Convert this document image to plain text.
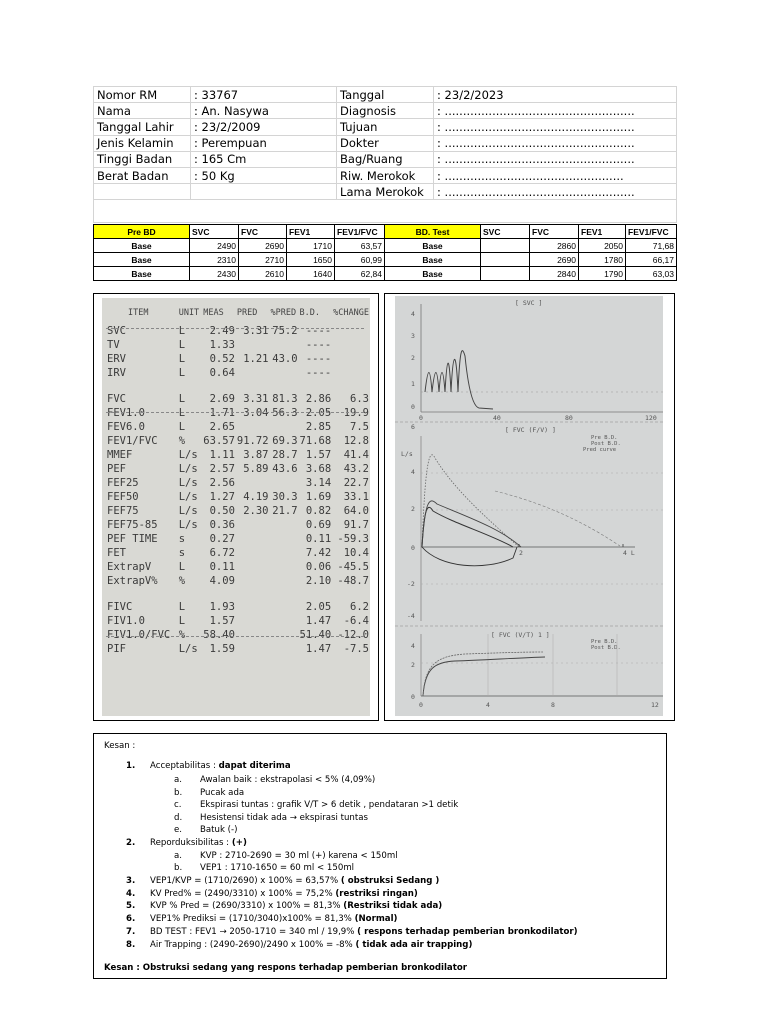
Nomor RM	: 33767	Tanggal	: 23/2/2023
Nama	: An. Nasywa	Diagnosis	: ....................................................
Tanggal Lahir	: 23/2/2009	Tujuan	: ....................................................
Jenis Kelamin	: Perempuan	Dokter	: ....................................................
Tinggi Badan	: 165 Cm	Bag/Ruang	: ....................................................
Berat Badan	: 50 Kg	Riw. Merokok	: .................................................
		Lama Merokok	: ....................................................

Pre BD	SVC	FVC	FEV1	FEV1/FVC	BD. Test	SVC	FVC	FEV1	FEV1/FVC
Base	2490	2690	1710	63,57	Base		2860	2050	71,68
Base	2310	2710	1650	60,99	Base		2690	1780	66,17
Base	2430	2610	1640	62,84	Base		2840	1790	63,03
ITEM	UNIT	MEAS	PRED	%PRED	B.D.	%CHANGE
SVC	L	2.49	3.31	75.2	----	
TV	L	1.33			----	
ERV	L	0.52	1.21	43.0	----	
IRV	L	0.64			----	

FVC	L	2.69	3.31	81.3	2.86	6.3
FEV1.0	L	1.71	3.04	56.3	2.05	19.9
FEV6.0	L	2.65			2.85	7.5
FEV1/FVC	%	63.57	91.72	69.3	71.68	12.8
MMEF	L/s	1.11	3.87	28.7	1.57	41.4
PEF	L/s	2.57	5.89	43.6	3.68	43.2
FEF25	L/s	2.56			3.14	22.7
FEF50	L/s	1.27	4.19	30.3	1.69	33.1
FEF75	L/s	0.50	2.30	21.7	0.82	64.0
FEF75-85	L/s	0.36			0.69	91.7
PEF TIME	s	0.27			0.11	-59.3
FET	s	6.72			7.42	10.4
ExtrapV	L	0.11			0.06	-45.5
ExtrapV%	%	4.09			2.10	-48.7

FIVC	L	1.93			2.05	6.2
FIV1.0	L	1.57			1.47	-6.4
FIV1.0/FVC	%	58.40			51.40	-12.0
PIF	L/s	1.59			1.47	-7.5
[ SVC ]
4
3
2
1
0
0	40	80	120
[ FVC (F/V) ]
L/s
6
4
2
0
-2
-4
2	4 L
Pre B.D.
Post B.D.
Pred curve
[ FVC (V/T) 1 ]
Pre B.D.
Post B.D.
4
2
0
0	4	8	12
Kesan :
1. Acceptabilitas : dapat diterima
a. Awalan baik : ekstrapolasi < 5% (4,09%)
b. Pucak ada
c. Ekspirasi tuntas : grafik V/T > 6 detik , pendataran >1 detik
d. Hesistensi tidak ada → ekspirasi tuntas
e. Batuk (-)
2. Reporduksibilitas : (+)
a. KVP : 2710-2690 = 30 ml (+) karena < 150ml
b. VEP1 : 1710-1650 = 60 ml < 150ml
3. VEP1/KVP = (1710/2690) x 100% = 63,57% ( obstruksi Sedang )
4. KV Pred% = (2490/3310) x 100% = 75,2% (restriksi ringan)
5. KVP % Pred = (2690/3310) x 100% = 81,3% (Restriksi tidak ada)
6. VEP1% Prediksi = (1710/3040)x100% = 81,3% (Normal)
7. BD TEST : FEV1 → 2050-1710 = 340 ml / 19,9% ( respons terhadap pemberian bronkodilator)
8. Air Trapping : (2490-2690)/2490 x 100% = -8% ( tidak ada air trapping)
Kesan : Obstruksi sedang yang respons terhadap pemberian bronkodilator
